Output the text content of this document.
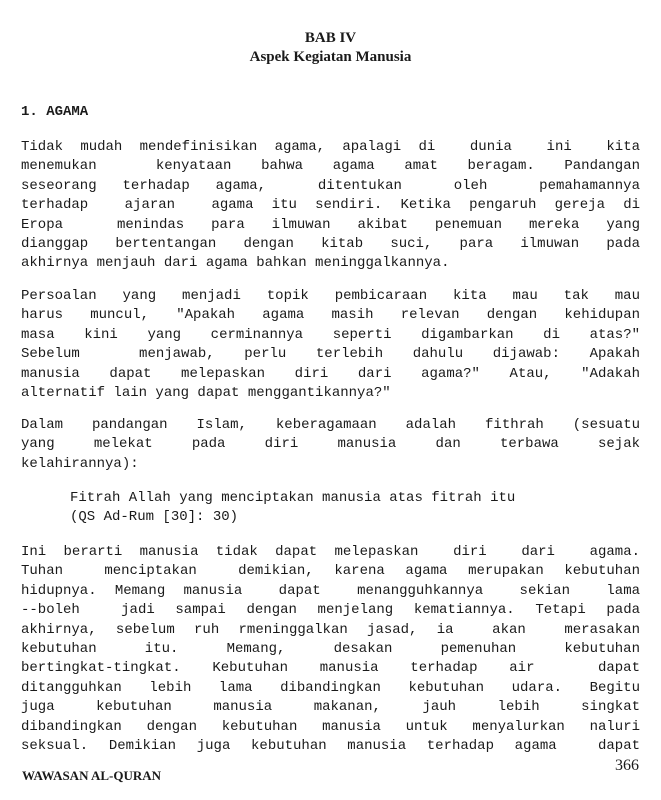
BAB IV
Aspek Kegiatan Manusia
1. AGAMA

Tidak mudah mendefinisikan agama, apalagi di  dunia  ini  kita
menemukan  kenyataan bahwa agama amat beragam. Pandangan
seseorang terhadap agama,  ditentukan  oleh  pemahamannya
terhadap  ajaran  agama itu sendiri. Ketika pengaruh gereja di
Eropa  menindas para ilmuwan akibat penemuan mereka yang
dianggap bertentangan dengan kitab suci, para ilmuwan pada
akhirnya menjauh dari agama bahkan meninggalkannya.

Persoalan yang menjadi topik pembicaraan kita mau tak mau
harus muncul, "Apakah agama masih relevan dengan kehidupan
masa kini yang cerminannya seperti digambarkan di atas?"
Sebelum  menjawab, perlu terlebih dahulu dijawab: Apakah
manusia dapat melepaskan diri dari agama?" Atau, "Adakah
alternatif lain yang dapat menggantikannya?"

Dalam pandangan Islam, keberagamaan adalah fithrah (sesuatu
yang  melekat  pada  diri  manusia  dan  terbawa  sejak
kelahirannya):

Fitrah Allah yang menciptakan manusia atas fitrah itu
(QS Ad-Rum [30]: 30)

Ini berarti manusia tidak dapat melepaskan  diri  dari  agama.
Tuhan  menciptakan  demikian, karena agama merupakan kebutuhan
hidupnya. Memang manusia  dapat  menangguhkannya  sekian  lama
--boleh  jadi sampai dengan menjelang kematiannya. Tetapi pada
akhirnya, sebelum ruh rmeninggalkan jasad, ia  akan  merasakan
kebutuhan   itu.   Memang,   desakan   pemenuhan   kebutuhan
bertingkat-tingkat. Kebutuhan manusia terhadap air  dapat
ditangguhkan lebih lama dibandingkan kebutuhan udara. Begitu
juga  kebutuhan  manusia  makanan,  jauh  lebih  singkat
dibandingkan dengan kebutuhan manusia untuk menyalurkan naluri
seksual. Demikian juga kebutuhan manusia terhadap agama  dapat

WAWASAN AL-QURAN
366
